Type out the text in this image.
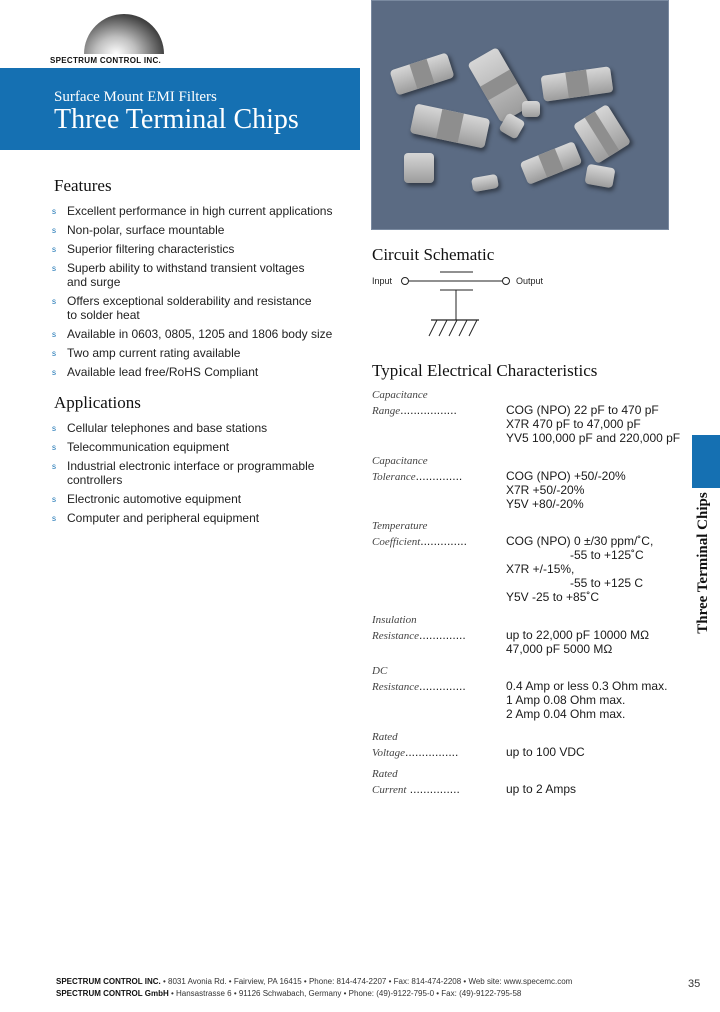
SPECTRUM CONTROL INC.
Surface Mount EMI Filters
Three Terminal Chips
Features
s Excellent performance in high current applications
s Non-polar, surface mountable
s Superior filtering characteristics
s Superb ability to withstand transient voltages and surge
s Offers exceptional solderability and resistance to solder heat
s Available in 0603, 0805, 1205 and 1806 body size
s Two amp current rating available
s Available lead free/RoHS Compliant
Applications
s Cellular telephones and base stations
s Telecommunication equipment
s Industrial electronic interface or programmable controllers
s Electronic automotive equipment
s Computer and peripheral equipment
Circuit Schematic
Input	Output
Typical Electrical Characteristics
Capacitance
Range.................	COG (NPO) 22 pF to 470 pF
X7R 470 pF to 47,000 pF
YV5 100,000 pF and 220,000 pF
Capacitance
Tolerance..............	COG (NPO) +50/-20%
X7R +50/-20%
Y5V +80/-20%
Temperature
Coefficient..............	COG (NPO) 0 ±/30 ppm/˚C,
-55 to +125˚C
X7R +/-15%,
-55 to +125 C
Y5V -25 to +85˚C
Insulation
Resistance..............	up to 22,000 pF 10000 MΩ
47,000 pF 5000 MΩ
DC
Resistance..............	0.4 Amp or less 0.3 Ohm max.
1 Amp 0.08 Ohm max.
2 Amp 0.04 Ohm max.
Rated
Voltage................	up to 100 VDC
Rated
Current ...............	up to 2 Amps
Three Terminal Chips
SPECTRUM CONTROL INC. • 8031 Avonia Rd. • Fairview, PA 16415 • Phone: 814-474-2207 • Fax: 814-474-2208 • Web site: www.specemc.com
SPECTRUM CONTROL GmbH • Hansastrasse 6 • 91126 Schwabach, Germany • Phone: (49)-9122-795-0 • Fax: (49)-9122-795-58
35
